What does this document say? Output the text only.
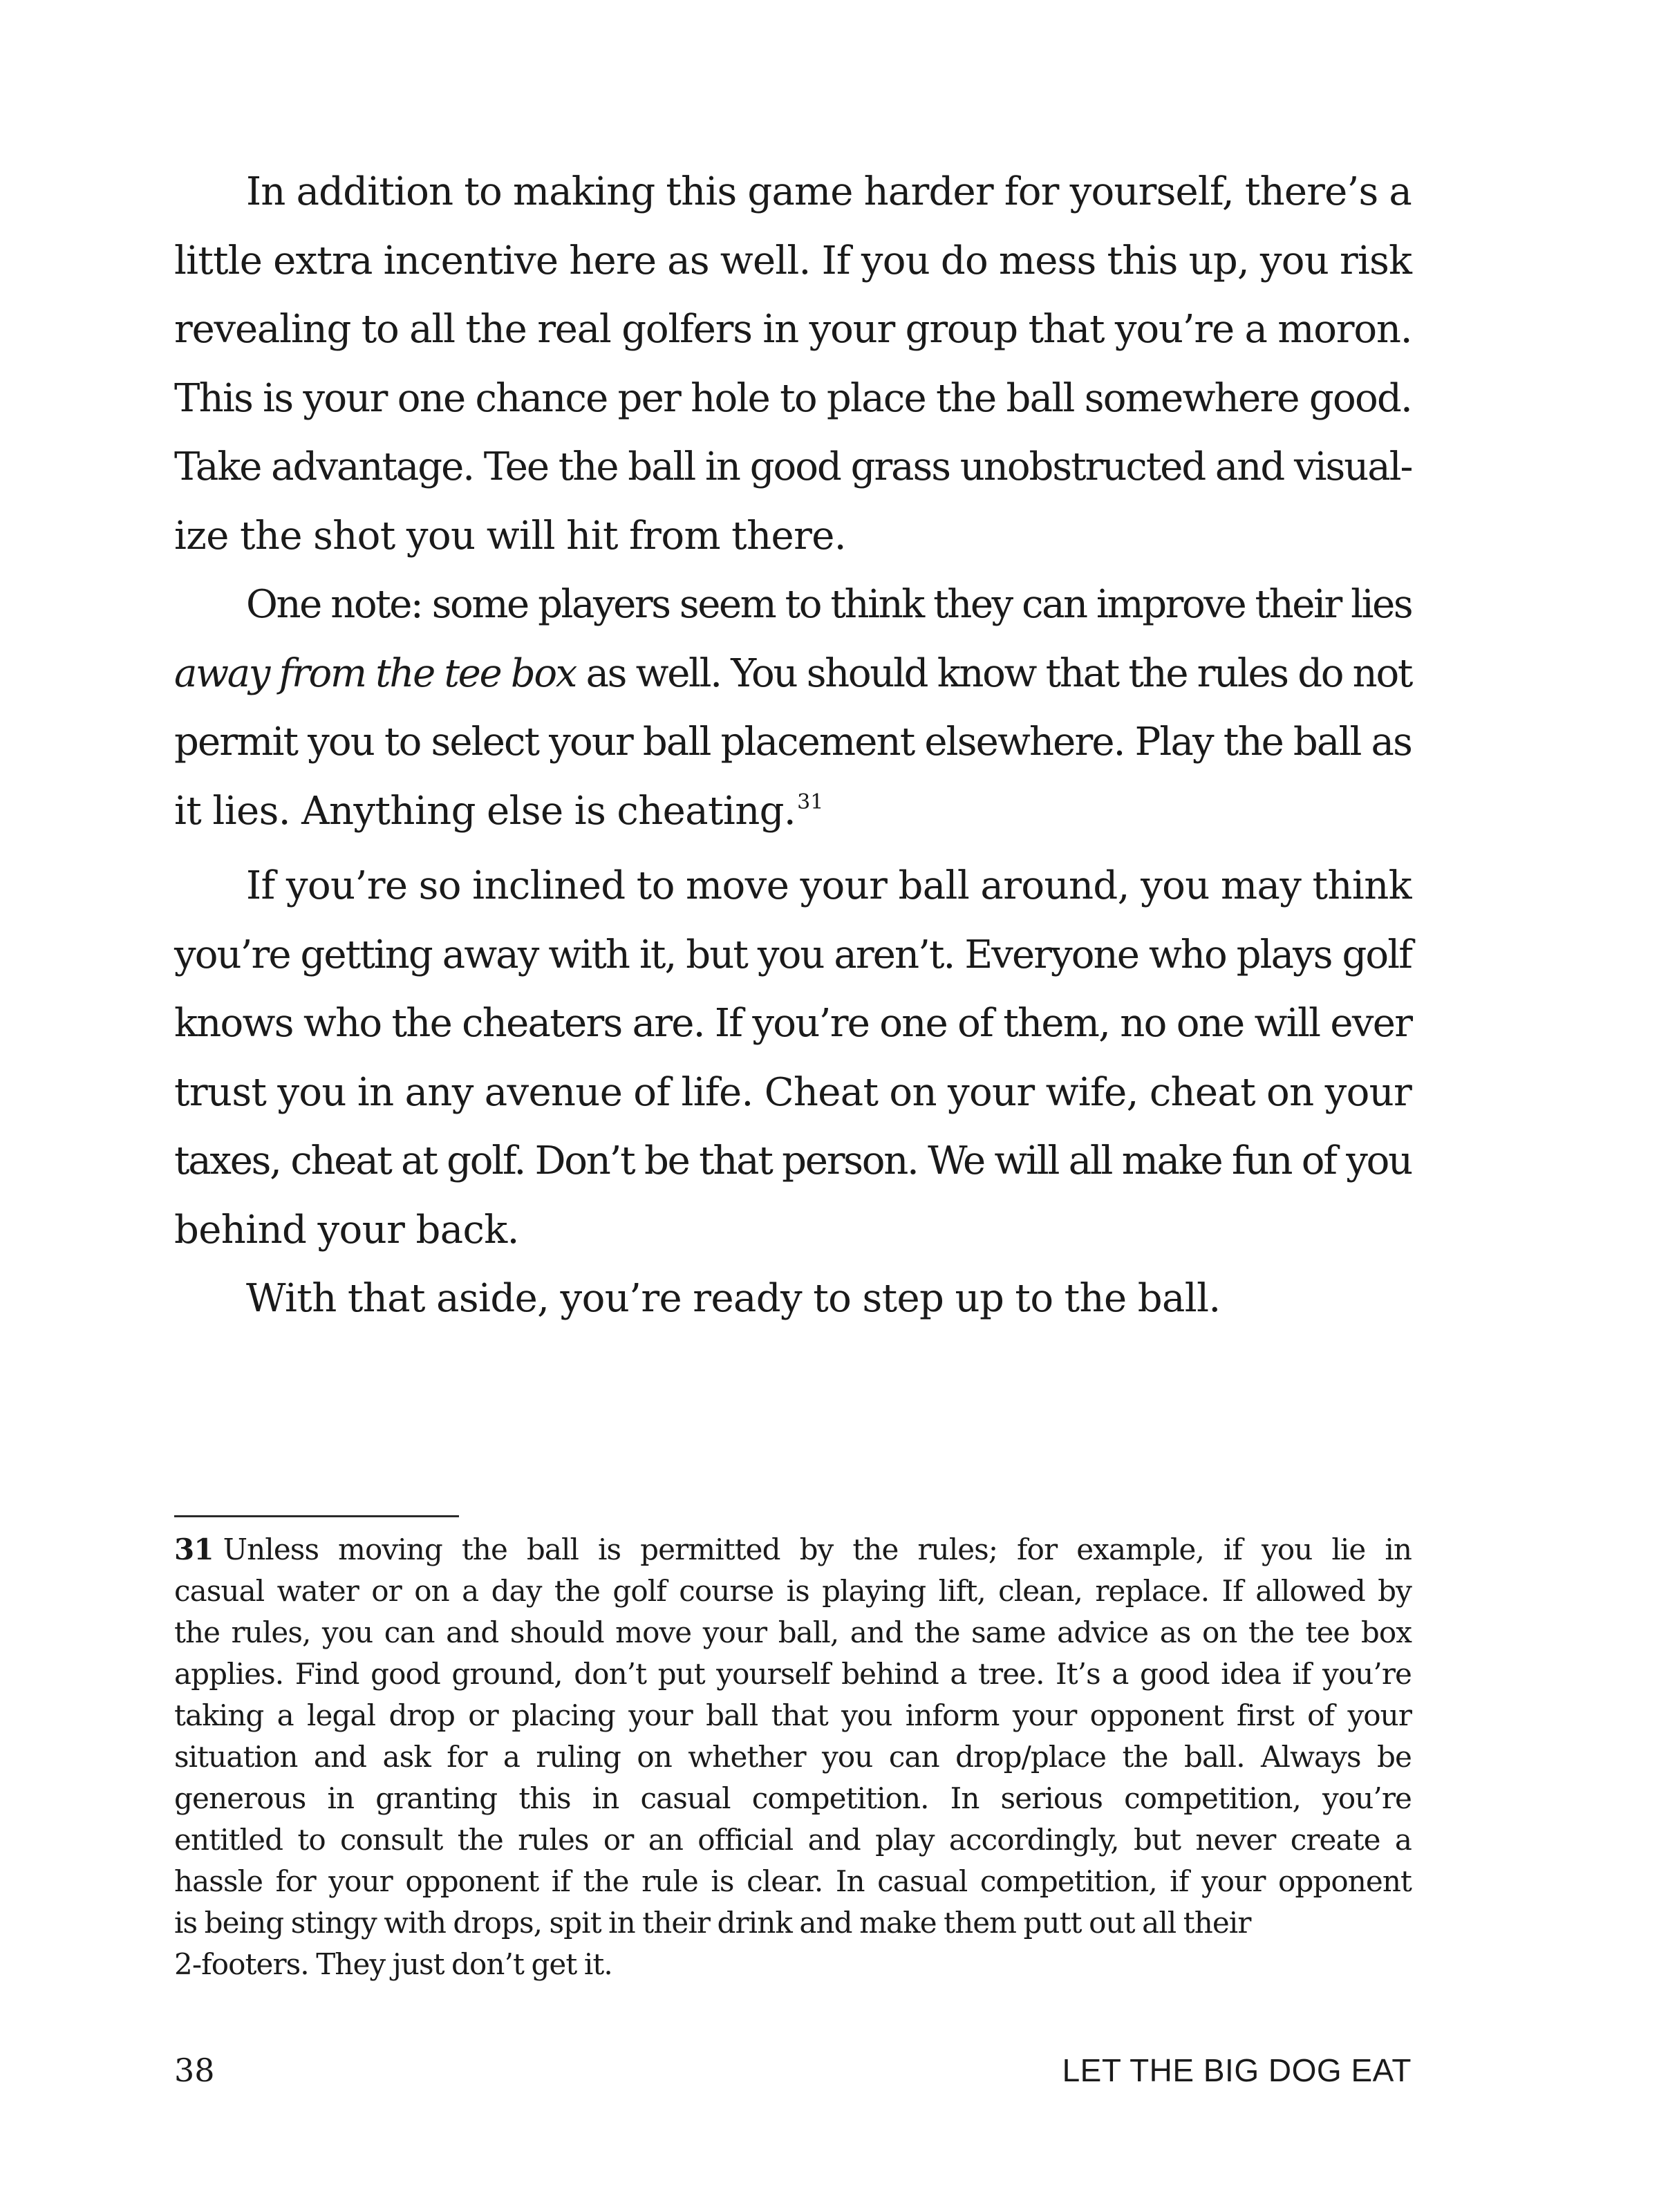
In addition to making this game harder for yourself, there’s a
little extra incentive here as well. If you do mess this up, you risk
revealing to all the real golfers in your group that you’re a moron.
This is your one chance per hole to place the ball somewhere good.
Take advantage. Tee the ball in good grass unobstructed and visual-
ize the shot you will hit from there.

One note: some players seem to think they can improve their lies
away from the tee box as well. You should know that the rules do not
permit you to select your ball placement elsewhere. Play the ball as
it lies. Anything else is cheating.$^{31}$

If you’re so inclined to move your ball around, you may think
you’re getting away with it, but you aren’t. Everyone who plays golf
knows who the cheaters are. If you’re one of them, no one will ever
trust you in any avenue of life. Cheat on your wife, cheat on your
taxes, cheat at golf. Don’t be that person. We will all make fun of you
behind your back.

With that aside, you’re ready to step up to the ball.

31 Unless moving the ball is permitted by the rules; for example, if you lie in
casual water or on a day the golf course is playing lift, clean, replace. If allowed by
the rules, you can and should move your ball, and the same advice as on the tee box
applies. Find good ground, don’t put yourself behind a tree. It’s a good idea if you’re
taking a legal drop or placing your ball that you inform your opponent first of your
situation and ask for a ruling on whether you can drop/place the ball. Always be
generous in granting this in casual competition. In serious competition, you’re
entitled to consult the rules or an official and play accordingly, but never create a
hassle for your opponent if the rule is clear. In casual competition, if your opponent
is being stingy with drops, spit in their drink and make them putt out all their
2-footers. They just don’t get it.
38	LET THE BIG DOG EAT
